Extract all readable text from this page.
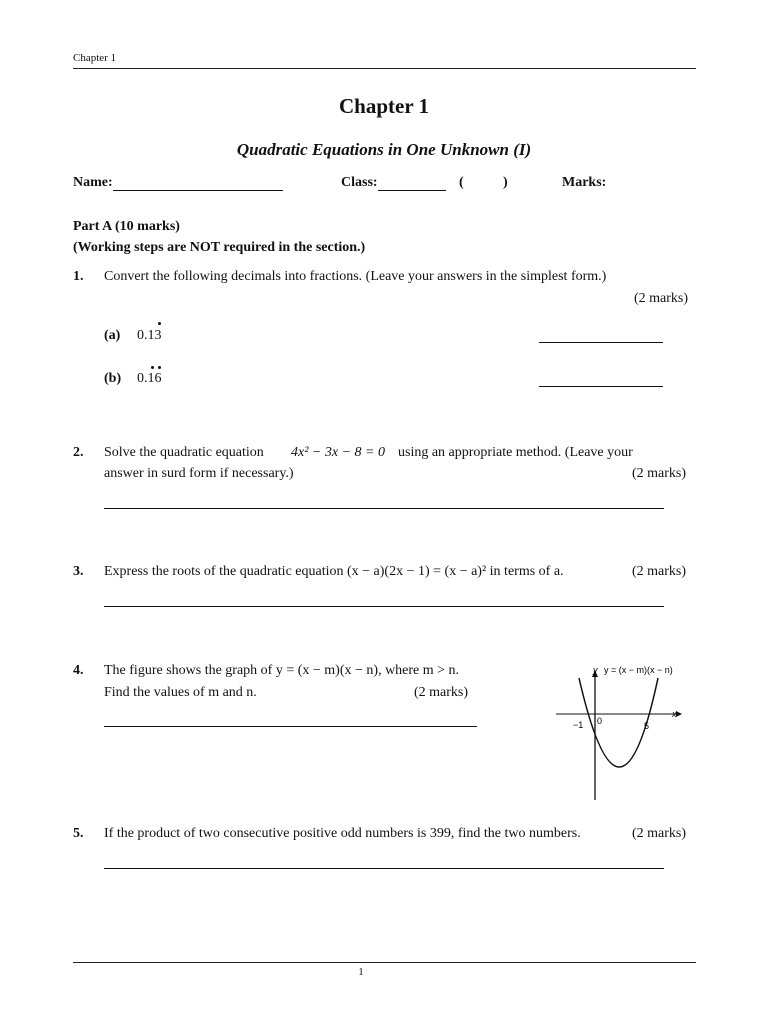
Chapter 1
Chapter 1
Quadratic Equations in One Unknown (I)
Name:	Class:	(	)	Marks:
Part A (10 marks)
(Working steps are NOT required in the section.)
1. Convert the following decimals into fractions. (Leave your answers in the simplest form.)
(2 marks)
(a) 0.13
(b) 0.16
2. Solve the quadratic equation 4x² − 3x − 8 = 0 using an appropriate method. (Leave your
answer in surd form if necessary.)	(2 marks)
3. Express the roots of the quadratic equation (x − a)(2x − 1) = (x − a)² in terms of a.	(2 marks)
4. The figure shows the graph of y = (x − m)(x − n), where m > n.
Find the values of m and n.	(2 marks)
y y = (x − m)(x − n)
x
0
−1	5
5. If the product of two consecutive positive odd numbers is 399, find the two numbers.	(2 marks)
1
